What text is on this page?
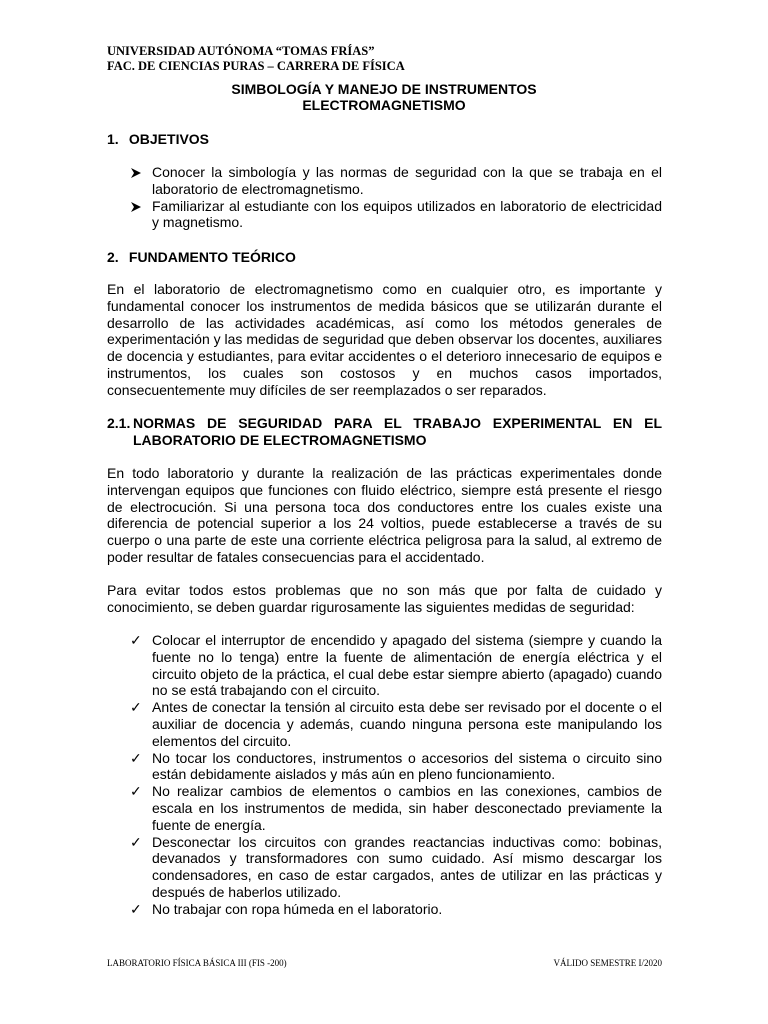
UNIVERSIDAD AUTÓNOMA “TOMAS FRÍAS”
FAC. DE CIENCIAS PURAS – CARRERA DE FÍSICA
SIMBOLOGÍA Y MANEJO DE INSTRUMENTOS
ELECTROMAGNETISMO
1. OBJETIVOS
Conocer la simbología y las normas de seguridad con la que se trabaja en el laboratorio de electromagnetismo.
Familiarizar al estudiante con los equipos utilizados en laboratorio de electricidad y magnetismo.
2. FUNDAMENTO TEÓRICO
En el laboratorio de electromagnetismo como en cualquier otro, es importante y fundamental conocer los instrumentos de medida básicos que se utilizarán durante el desarrollo de las actividades académicas, así como los métodos generales de experimentación y las medidas de seguridad que deben observar los docentes, auxiliares de docencia y estudiantes, para evitar accidentes o el deterioro innecesario de equipos e instrumentos, los cuales son costosos y en muchos casos importados, consecuentemente muy difíciles de ser reemplazados o ser reparados.
2.1. NORMAS DE SEGURIDAD PARA EL TRABAJO EXPERIMENTAL EN EL LABORATORIO DE ELECTROMAGNETISMO
En todo laboratorio y durante la realización de las prácticas experimentales donde intervengan equipos que funciones con fluido eléctrico, siempre está presente el riesgo de electrocución. Si una persona toca dos conductores entre los cuales existe una diferencia de potencial superior a los 24 voltios, puede establecerse a través de su cuerpo o una parte de este una corriente eléctrica peligrosa para la salud, al extremo de poder resultar de fatales consecuencias para el accidentado.
Para evitar todos estos problemas que no son más que por falta de cuidado y conocimiento, se deben guardar rigurosamente las siguientes medidas de seguridad:
✓ Colocar el interruptor de encendido y apagado del sistema (siempre y cuando la fuente no lo tenga) entre la fuente de alimentación de energía eléctrica y el circuito objeto de la práctica, el cual debe estar siempre abierto (apagado) cuando no se está trabajando con el circuito.
✓ Antes de conectar la tensión al circuito esta debe ser revisado por el docente o el auxiliar de docencia y además, cuando ninguna persona este manipulando los elementos del circuito.
✓ No tocar los conductores, instrumentos o accesorios del sistema o circuito sino están debidamente aislados y más aún en pleno funcionamiento.
✓ No realizar cambios de elementos o cambios en las conexiones, cambios de escala en los instrumentos de medida, sin haber desconectado previamente la fuente de energía.
✓ Desconectar los circuitos con grandes reactancias inductivas como: bobinas, devanados y transformadores con sumo cuidado. Así mismo descargar los condensadores, en caso de estar cargados, antes de utilizar en las prácticas y después de haberlos utilizado.
✓ No trabajar con ropa húmeda en el laboratorio.
LABORATORIO FÍSICA BÁSICA III (FIS -200)	VÁLIDO SEMESTRE I/2020
